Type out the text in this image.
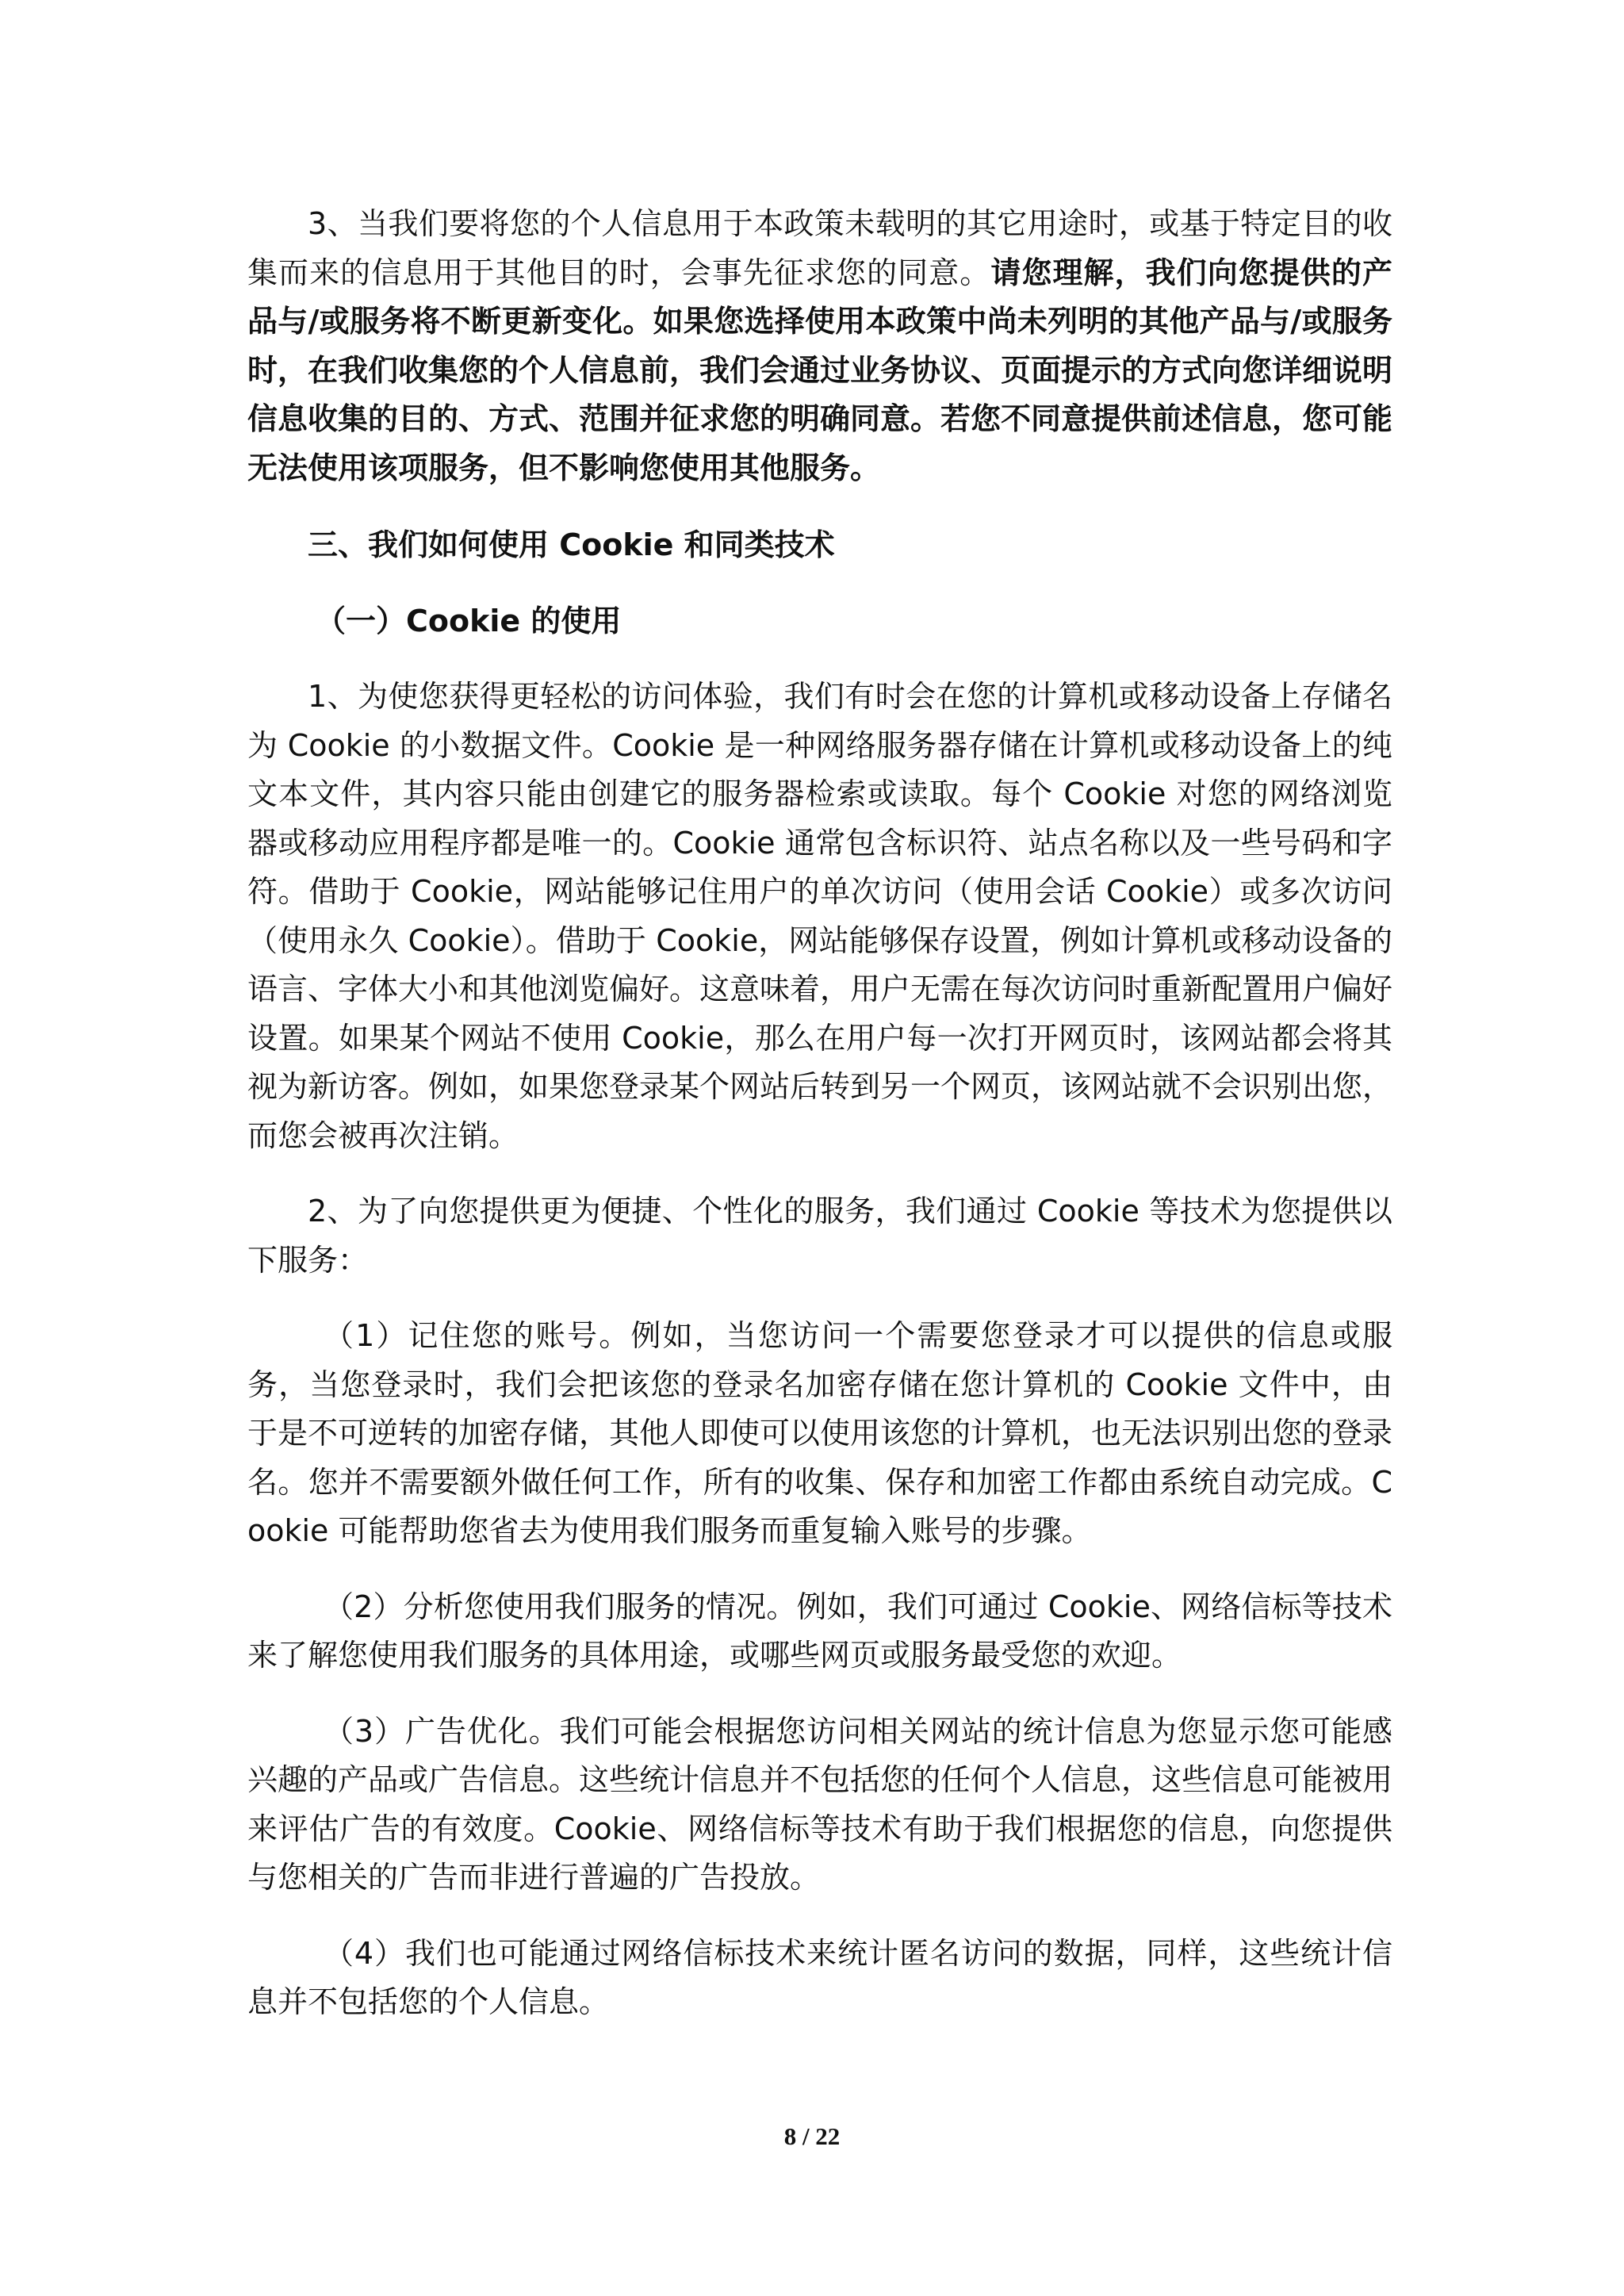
3、当我们要将您的个人信息用于本政策未载明的其它用途时，或基于特定目的收集而来的信息用于其他目的时，会事先征求您的同意。请您理解，我们向您提供的产品与/或服务将不断更新变化。如果您选择使用本政策中尚未列明的其他产品与/或服务时，在我们收集您的个人信息前，我们会通过业务协议、页面提示的方式向您详细说明信息收集的目的、方式、范围并征求您的明确同意。若您不同意提供前述信息，您可能无法使用该项服务，但不影响您使用其他服务。

三、我们如何使用 Cookie 和同类技术

（一）Cookie 的使用

1、为使您获得更轻松的访问体验，我们有时会在您的计算机或移动设备上存储名为 Cookie 的小数据文件。Cookie 是一种网络服务器存储在计算机或移动设备上的纯文本文件，其内容只能由创建它的服务器检索或读取。每个 Cookie 对您的网络浏览器或移动应用程序都是唯一的。Cookie 通常包含标识符、站点名称以及一些号码和字符。借助于 Cookie，网站能够记住用户的单次访问（使用会话 Cookie）或多次访问（使用永久 Cookie）。借助于 Cookie，网站能够保存设置，例如计算机或移动设备的语言、字体大小和其他浏览偏好。这意味着，用户无需在每次访问时重新配置用户偏好设置。如果某个网站不使用 Cookie，那么在用户每一次打开网页时，该网站都会将其视为新访客。例如，如果您登录某个网站后转到另一个网页，该网站就不会识别出您，而您会被再次注销。

2、为了向您提供更为便捷、个性化的服务，我们通过 Cookie 等技术为您提供以下服务：

（1）记住您的账号。例如，当您访问一个需要您登录才可以提供的信息或服务，当您登录时，我们会把该您的登录名加密存储在您计算机的 Cookie 文件中，由于是不可逆转的加密存储，其他人即使可以使用该您的计算机，也无法识别出您的登录名。您并不需要额外做任何工作，所有的收集、保存和加密工作都由系统自动完成。Cookie 可能帮助您省去为使用我们服务而重复输入账号的步骤。

（2）分析您使用我们服务的情况。例如，我们可通过 Cookie、网络信标等技术来了解您使用我们服务的具体用途，或哪些网页或服务最受您的欢迎。

（3）广告优化。我们可能会根据您访问相关网站的统计信息为您显示您可能感兴趣的产品或广告信息。这些统计信息并不包括您的任何个人信息，这些信息可能被用来评估广告的有效度。Cookie、网络信标等技术有助于我们根据您的信息，向您提供与您相关的广告而非进行普遍的广告投放。

（4）我们也可能通过网络信标技术来统计匿名访问的数据，同样，这些统计信息并不包括您的个人信息。

8 / 22
